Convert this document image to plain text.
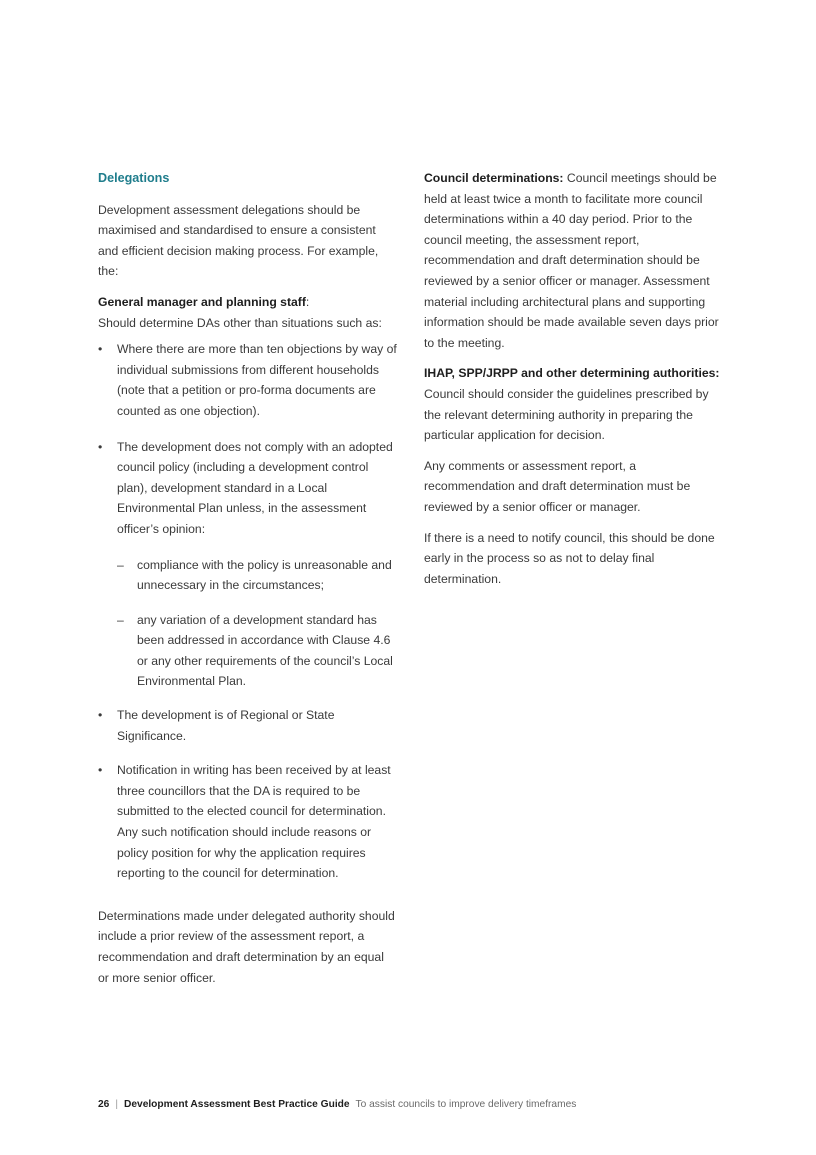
Delegations

Development assessment delegations should be maximised and standardised to ensure a consistent and efficient decision making process. For example, the:

General manager and planning staff:
Should determine DAs other than situations such as:

• Where there are more than ten objections by way of individual submissions from different households (note that a petition or pro-forma documents are counted as one objection).
• The development does not comply with an adopted council policy (including a development control plan), development standard in a Local Environmental Plan unless, in the assessment officer’s opinion:
– compliance with the policy is unreasonable and unnecessary in the circumstances;
– any variation of a development standard has been addressed in accordance with Clause 4.6 or any other requirements of the council’s Local Environmental Plan.
• The development is of Regional or State Significance.
• Notification in writing has been received by at least three councillors that the DA is required to be submitted to the elected council for determination. Any such notification should include reasons or policy position for why the application requires reporting to the council for determination.

Determinations made under delegated authority should include a prior review of the assessment report, a recommendation and draft determination by an equal or more senior officer.

Council determinations: Council meetings should be held at least twice a month to facilitate more council determinations within a 40 day period. Prior to the council meeting, the assessment report, recommendation and draft determination should be reviewed by a senior officer or manager. Assessment material including architectural plans and supporting information should be made available seven days prior to the meeting.

IHAP, SPP/JRPP and other determining authorities: Council should consider the guidelines prescribed by the relevant determining authority in preparing the particular application for decision.

Any comments or assessment report, a recommendation and draft determination must be reviewed by a senior officer or manager.

If there is a need to notify council, this should be done early in the process so as not to delay final determination.

26 | Development Assessment Best Practice Guide To assist councils to improve delivery timeframes
